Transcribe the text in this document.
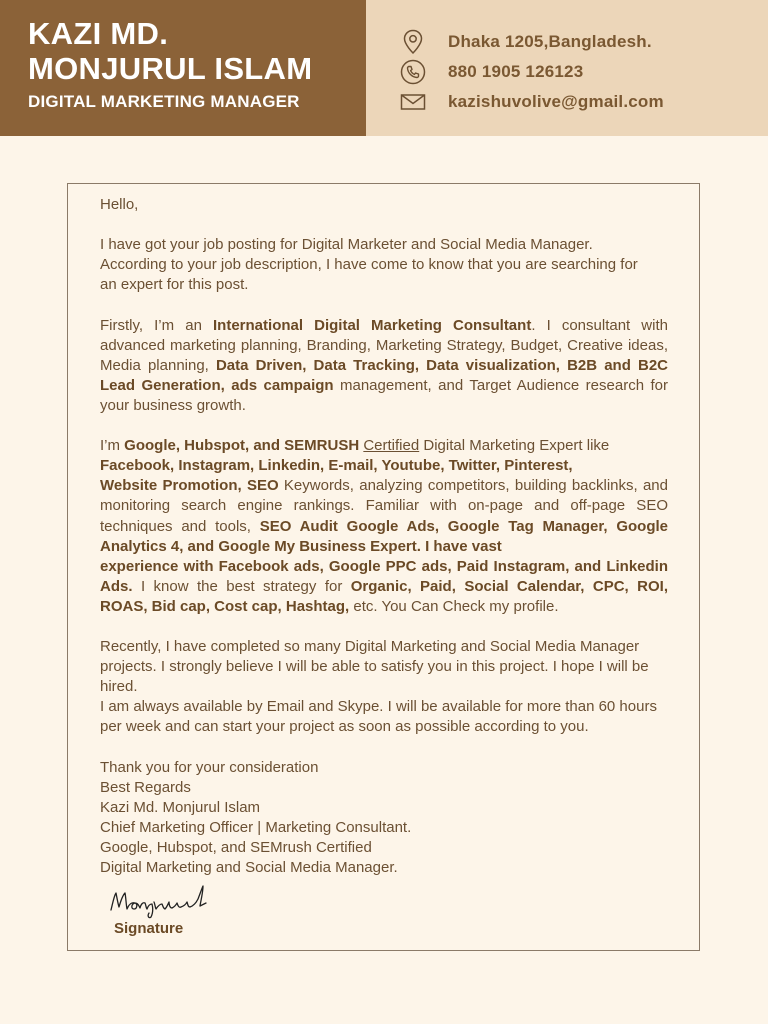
KAZI MD.
MONJURUL ISLAM
DIGITAL MARKETING MANAGER
Dhaka 1205,Bangladesh.
880 1905 126123
kazishuvolive@gmail.com

Hello,

I have got your job posting for Digital Marketer and Social Media Manager. According to your job description, I have come to know that you are searching for an expert for this post.

Firstly, I’m an International Digital Marketing Consultant. I consultant with advanced marketing planning, Branding, Marketing Strategy, Budget, Creative ideas, Media planning, Data Driven, Data Tracking, Data visualization, B2B and B2C Lead Generation, ads campaign management, and Target Audience research for your business growth.

I’m Google, Hubspot, and SEMRUSH Certified Digital Marketing Expert like
Facebook, Instagram, Linkedin, E-mail, Youtube, Twitter, Pinterest,
Website Promotion, SEO Keywords, analyzing competitors, building backlinks, and monitoring search engine rankings. Familiar with on-page and off-page SEO techniques and tools, SEO Audit Google Ads, Google Tag Manager, Google Analytics 4, and Google My Business Expert. I have vast
experience with Facebook ads, Google PPC ads, Paid Instagram, and Linkedin Ads. I know the best strategy for Organic, Paid, Social Calendar, CPC, ROI, ROAS, Bid cap, Cost cap, Hashtag, etc. You Can Check my profile.

Recently, I have completed so many Digital Marketing and Social Media Manager projects. I strongly believe I will be able to satisfy you in this project. I hope I will be hired.

I am always available by Email and Skype. I will be available for more than 60 hours per week and can start your project as soon as possible according to you.

Thank you for your consideration
Best Regards
Kazi Md. Monjurul Islam
Chief Marketing Officer | Marketing Consultant.
Google, Hubspot, and SEMrush Certified
Digital Marketing and Social Media Manager.
Signature
